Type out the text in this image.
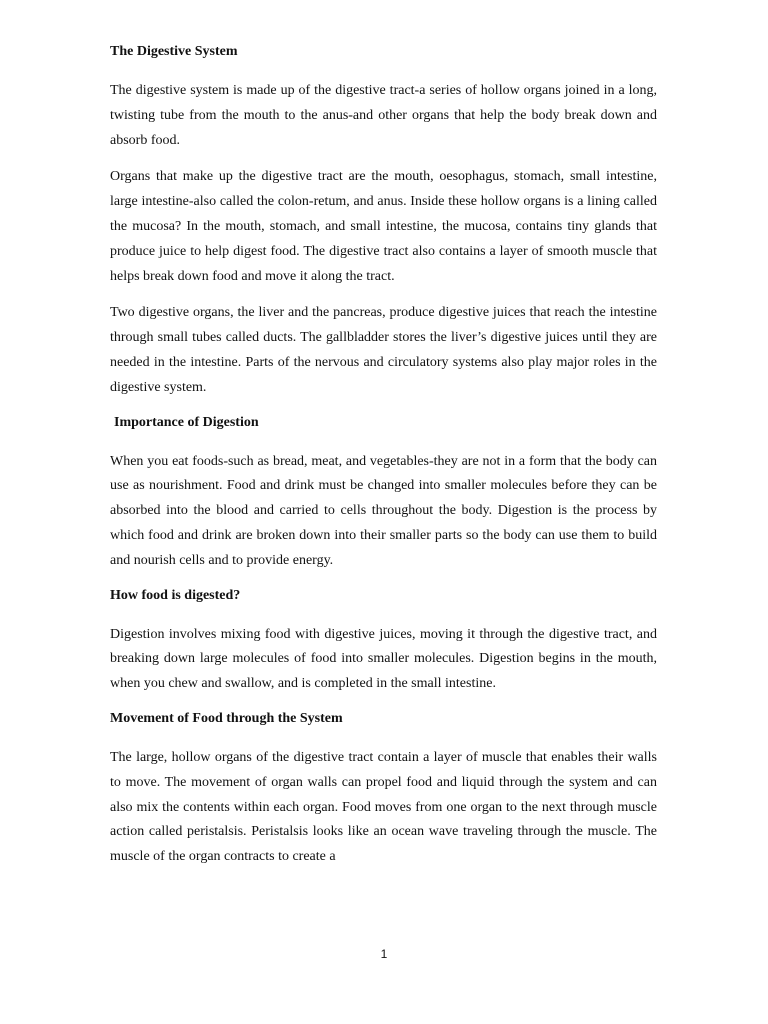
The Digestive System
The digestive system is made up of the digestive tract-a series of hollow organs joined in a long, twisting tube from the mouth to the anus-and other organs that help the body break down and absorb food.
Organs that make up the digestive tract are the mouth, oesophagus, stomach, small intestine, large intestine-also called the colon-retum, and anus. Inside these hollow organs is a lining called the mucosa? In the mouth, stomach, and small intestine, the mucosa, contains tiny glands that produce juice to help digest food. The digestive tract also contains a layer of smooth muscle that helps break down food and move it along the tract.
Two digestive organs, the liver and the pancreas, produce digestive juices that reach the intestine through small tubes called ducts. The gallbladder stores the liver’s digestive juices until they are needed in the intestine. Parts of the nervous and circulatory systems also play major roles in the digestive system.
Importance of Digestion
When you eat foods-such as bread, meat, and vegetables-they are not in a form that the body can use as nourishment. Food and drink must be changed into smaller molecules before they can be absorbed into the blood and carried to cells throughout the body. Digestion is the process by which food and drink are broken down into their smaller parts so the body can use them to build and nourish cells and to provide energy.
How food is digested?
Digestion involves mixing food with digestive juices, moving it through the digestive tract, and breaking down large molecules of food into smaller molecules. Digestion begins in the mouth, when you chew and swallow, and is completed in the small intestine.
Movement of Food through the System
The large, hollow organs of the digestive tract contain a layer of muscle that enables their walls to move. The movement of organ walls can propel food and liquid through the system and can also mix the contents within each organ. Food moves from one organ to the next through muscle action called peristalsis. Peristalsis looks like an ocean wave traveling through the muscle. The muscle of the organ contracts to create a
1
